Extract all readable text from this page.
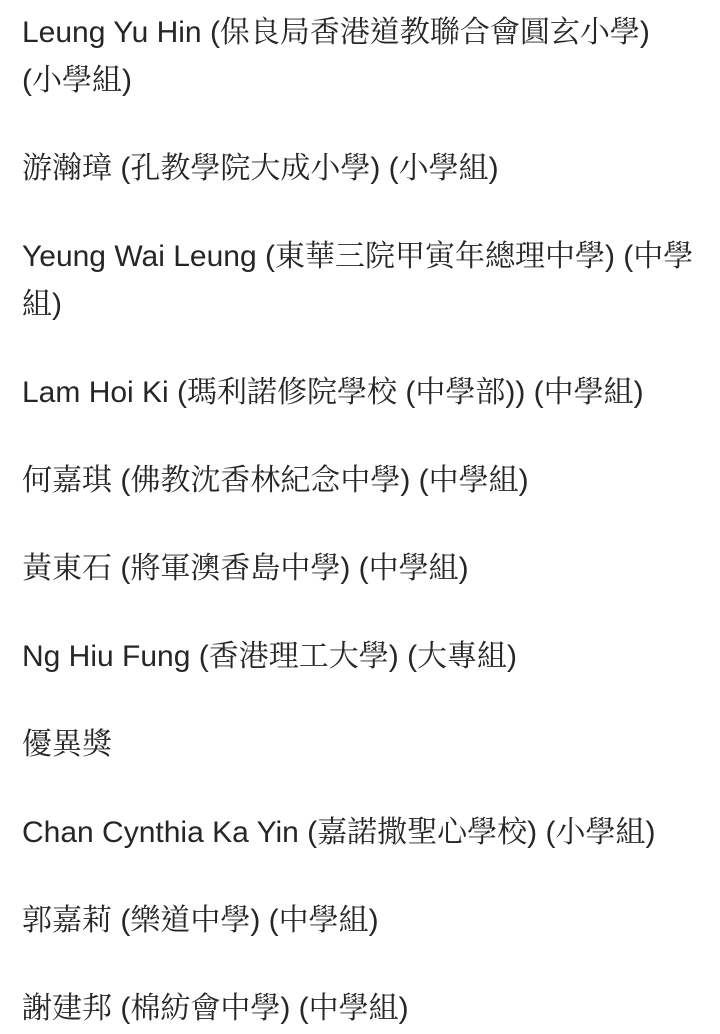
Leung Yu Hin (保良局香港道教聯合會圓玄小學) (小學組)

游瀚璋 (孔教學院大成小學) (小學組)

Yeung Wai Leung (東華三院甲寅年總理中學) (中學組)

Lam Hoi Ki (瑪利諾修院學校 (中學部)) (中學組)

何嘉琪 (佛教沈香林紀念中學) (中學組)

黃東石 (將軍澳香島中學) (中學組)

Ng Hiu Fung (香港理工大學) (大專組)

優異獎

Chan Cynthia Ka Yin (嘉諾撒聖心學校) (小學組)

郭嘉莉 (樂道中學) (中學組)

謝建邦 (棉紡會中學) (中學組)
